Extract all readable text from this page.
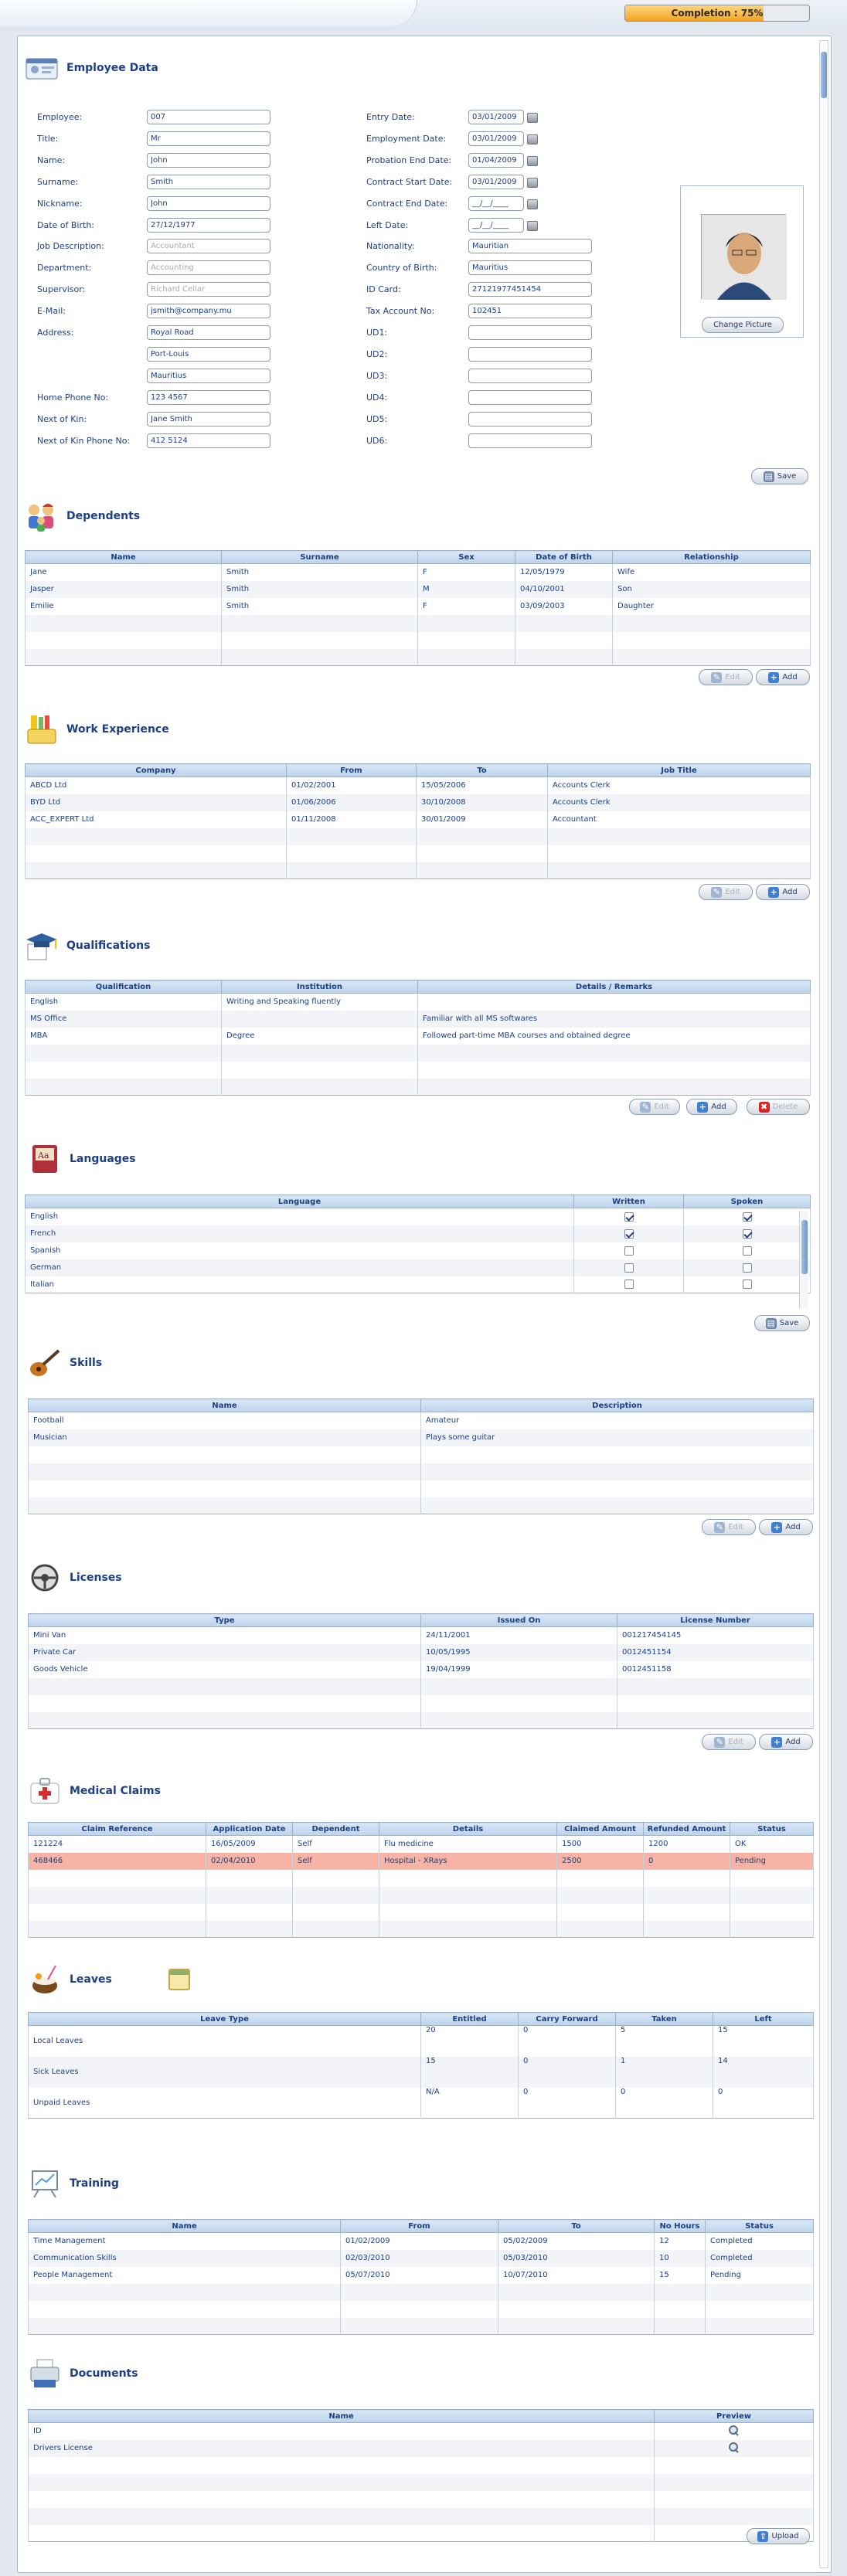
Completion : 75%
Employee Data
Employee:
007
Title:
Mr
Name:
John
Surname:
Smith
Nickname:
John
Date of Birth:
27/12/1977
Job Description:
Accountant
Department:
Accounting
Supervisor:
Richard Cellar
E-Mail:
jsmith@company.mu
Address:
Royal Road
Port-Louis
Mauritius
Home Phone No:
123 4567
Next of Kin:
Jane Smith
Next of Kin Phone No:
412 5124
Entry Date:
03/01/2009
Employment Date:
03/01/2009
Probation End Date:
01/04/2009
Contract Start Date:
03/01/2009
Contract End Date:
__/__/____
Left Date:
__/__/____
Nationality:
Mauritian
Country of Birth:
Mauritius
ID Card:
27121977451454
Tax Account No:
102451
UD1:
UD2:
UD3:
UD4:
UD5:
UD6:
Change Picture
▤ Save
Dependents
Name	Surname	Sex	Date of Birth	Relationship
Jane	Smith	F	12/05/1979	Wife
Jasper	Smith	M	04/10/2001	Son
Emilie	Smith	F	03/09/2003	Daughter

✎ Edit	+ Add
Work Experience
Company	From	To	Job Title
ABCD Ltd	01/02/2001	15/05/2006	Accounts Clerk
BYD Ltd	01/06/2006	30/10/2008	Accounts Clerk
ACC_EXPERT Ltd	01/11/2008	30/01/2009	Accountant

✎ Edit	+ Add
Qualifications
Qualification	Institution	Details / Remarks
English	Writing and Speaking fluently	
MS Office		Familiar with all MS softwares
MBA	Degree	Followed part-time MBA courses and obtained degree

✎ Edit	+ Add	✖ Delete
Aa Languages
Language	Written	Spoken
English		
French		
Spanish		
German		
Italian		
▤ Save
Skills
Name	Description
Football	Amateur
Musician	Plays some guitar

✎ Edit	+ Add
Licenses
Type	Issued On	License Number
Mini Van	24/11/2001	001217454145
Private Car	10/05/1995	0012451154
Goods Vehicle	19/04/1999	0012451158

✎ Edit	+ Add
Medical Claims
Claim Reference	Application Date	Dependent	Details	Claimed Amount	Refunded Amount	Status
121224	16/05/2009	Self	Flu medicine	1500	1200	OK
468466	02/04/2010	Self	Hospital - XRays	2500	0	Pending

Leaves
Leave Type	Entitled	Carry Forward	Taken	Left
Local Leaves	20	0	5	15
Sick Leaves	15	0	1	14
Unpaid Leaves	N/A	0	0	0
Training
Name	From	To	No Hours	Status
Time Management	01/02/2009	05/02/2009	12	Completed
Communication Skills	02/03/2010	05/03/2010	10	Completed
People Management	05/07/2010	10/07/2010	15	Pending

Documents
Name	Preview
ID	
Drivers License	

⇧ Upload
